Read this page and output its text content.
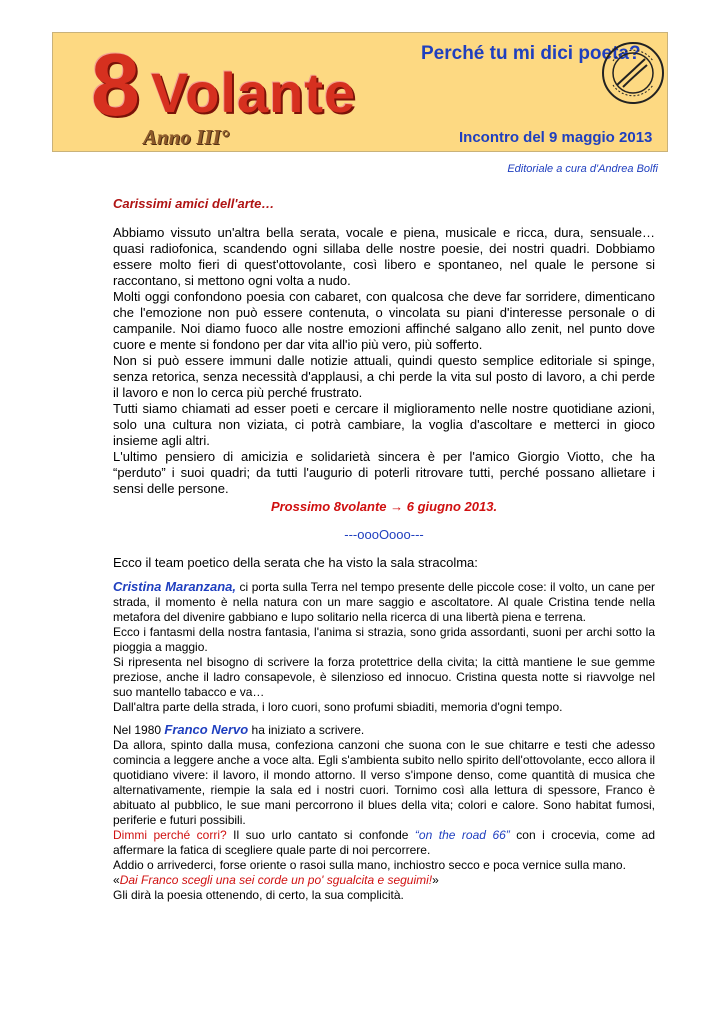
8 Volante
Anno III°
Perché tu mi dici poeta?
Incontro del 9 maggio 2013
Editoriale a cura d'Andrea Bolfi

Carissimi amici dell'arte…

Abbiamo vissuto un'altra bella serata, vocale e piena, musicale e ricca, dura, sensuale… quasi radiofonica, scandendo ogni sillaba delle nostre poesie, dei nostri quadri. Dobbiamo essere molto fieri di quest'ottovolante, così libero e spontaneo, nel quale le persone si raccontano, si mettono ogni volta a nudo.

Molti oggi confondono poesia con cabaret, con qualcosa che deve far sorridere, dimenticano che l'emozione non può essere contenuta, o vincolata su piani d'interesse personale o di campanile. Noi diamo fuoco alle nostre emozioni affinché salgano allo zenit, nel punto dove cuore e mente si fondono per dar vita all'io più vero, più sofferto.

Non si può essere immuni dalle notizie attuali, quindi questo semplice editoriale si spinge, senza retorica, senza necessità d'applausi, a chi perde la vita sul posto di lavoro, a chi perde il lavoro e non lo cerca più perché frustrato.

Tutti siamo chiamati ad esser poeti e cercare il miglioramento nelle nostre quotidiane azioni, solo una cultura non viziata, ci potrà cambiare, la voglia d'ascoltare e metterci in gioco insieme agli altri.

L'ultimo pensiero di amicizia e solidarietà sincera è per l'amico Giorgio Viotto, che ha “perduto” i suoi quadri; da tutti l'augurio di poterli ritrovare tutti, perché possano allietare i sensi delle persone.

Prossimo 8volante → 6 giugno 2013.

---oooOooo---

Ecco il team poetico della serata che ha visto la sala stracolma:

Cristina Maranzana, ci porta sulla Terra nel tempo presente delle piccole cose: il volto, un cane per strada, il momento è nella natura con un mare saggio e ascoltatore. Al quale Cristina tende nella metafora del divenire gabbiano e lupo solitario nella ricerca di una libertà piena e terrena.

Ecco i fantasmi della nostra fantasia, l'anima si strazia, sono grida assordanti, suoni per archi sotto la pioggia a maggio.

Si ripresenta nel bisogno di scrivere la forza protettrice della civita; la città mantiene le sue gemme preziose, anche il ladro consapevole, è silenzioso ed innocuo. Cristina questa notte si riavvolge nel suo mantello tabacco e va…

Dall'altra parte della strada, i loro cuori, sono profumi sbiaditi, memoria d'ogni tempo.

Nel 1980 Franco Nervo ha iniziato a scrivere.

Da allora, spinto dalla musa, confeziona canzoni che suona con le sue chitarre e testi che adesso comincia a leggere anche a voce alta. Egli s'ambienta subito nello spirito dell'ottovolante, ecco allora il quotidiano vivere: il lavoro, il mondo attorno. Il verso s'impone denso, come quantità di musica che alternativamente, riempie la sala ed i nostri cuori. Tornimo così alla lettura di spessore, Franco è abituato al pubblico, le sue mani percorrono il blues della vita; colori e calore. Sono habitat fumosi, periferie e futuri possibili.

Dimmi perché corri? Il suo urlo cantato si confonde “on the road 66” con i crocevia, come ad affermare la fatica di scegliere quale parte di noi percorrere.

Addio o arrivederci, forse oriente o rasoi sulla mano, inchiostro secco e poca vernice sulla mano.

«Dai Franco scegli una sei corde un po' sgualcita e seguimi!»

Gli dirà la poesia ottenendo, di certo, la sua complicità.
